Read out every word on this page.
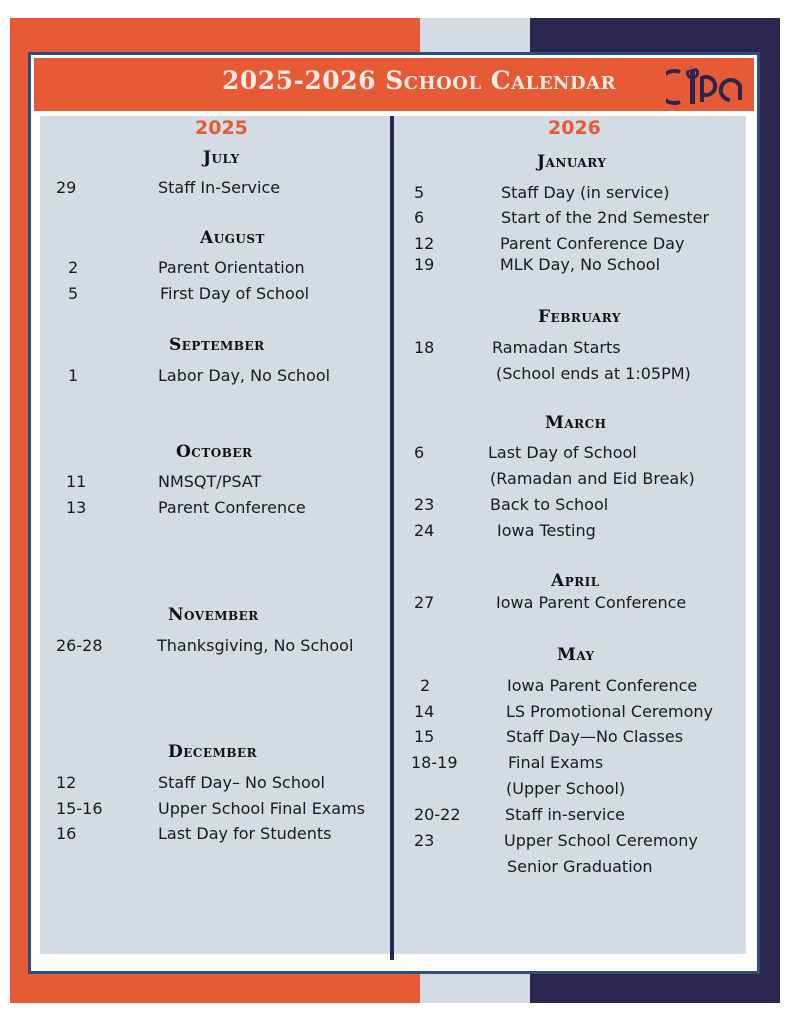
2025-2026 School Calendar
2025
July
29	Staff In-Service
August
2	Parent Orientation
5	First Day of School
September
1	Labor Day, No School
October
11	NMSQT/PSAT
13	Parent Conference
November
26-28	Thanksgiving, No School
December
12	Staff Day– No School
15-16	Upper School Final Exams
16	Last Day for Students
2026
January
5	Staff Day (in service)
6	Start of the 2nd Semester
12	Parent Conference Day
19	MLK Day, No School
February
18	Ramadan Starts
(School ends at 1:05PM)
March
6	Last Day of School
(Ramadan and Eid Break)
23	Back to School
24	Iowa Testing
April
27	Iowa Parent Conference
May
2	Iowa Parent Conference
14	LS Promotional Ceremony
15	Staff Day—No Classes
18-19	Final Exams
(Upper School)
20-22	Staff in-service
23	Upper School Ceremony
Senior Graduation
